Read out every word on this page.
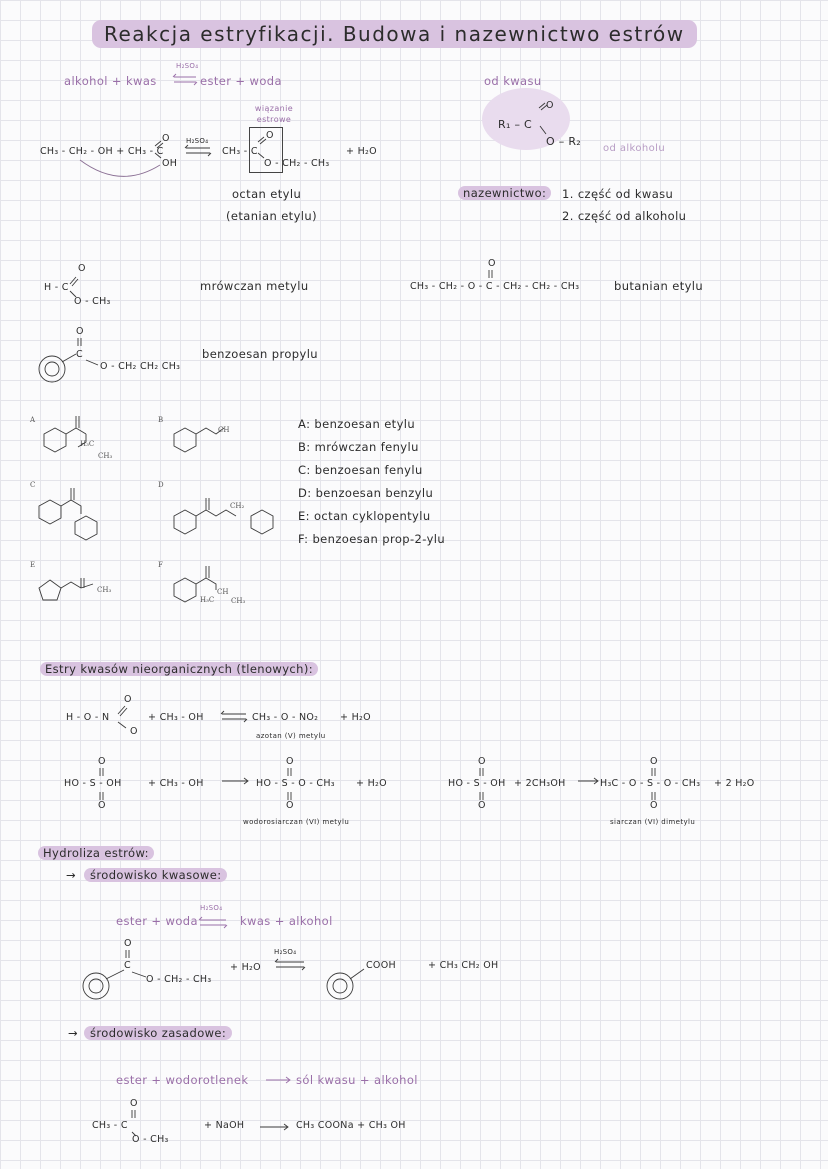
Reakcja estryfikacji. Budowa i nazewnictwo estrów
alkohol + kwas
H₂SO₄
ester + woda	od kwasu
R₁ – C
O
O – R₂
od alkoholu
wiązanie estrowe
CH₃ - CH₂ - OH + CH₃ - C
O
OH
H₂SO₄
CH₃ - C
O
O - CH₂ - CH₃
+ H₂O
octan etylu
(etanian etylu)
nazewnictwo:	1. część od kwasu
2. część od alkoholu
O
H - C
O - CH₃
mrówczan metylu
O
CH₃ - CH₂ - O - C - CH₂ - CH₂ - CH₃	butanian etylu
O
C
O - CH₂ CH₂ CH₃
benzoesan propylu
A	B
C	D
E	F
H₃C
CH₃
CH
CH₂
CH₃
H₃C
CH
CH₃
A: benzoesan etylu
B: mrówczan fenylu
C: benzoesan fenylu
D: benzoesan benzylu
E: octan cyklopentylu
F: benzoesan prop-2-ylu
Estry kwasów nieorganicznych (tlenowych):
H - O - N
O
O
+ CH₃ - OH	CH₃ - O - NO₂ + H₂O
azotan (V) metylu
O
HO - S - OH
O
+ CH₃ - OH
O
HO - S - O - CH₃
O
+ H₂O
wodorosiarczan (VI) metylu
O
HO - S - OH
O
+ 2CH₃OH
O
H₃C - O - S - O - CH₃
O
+ 2 H₂O
siarczan (VI) dimetylu
Hydroliza estrów:
→	środowisko kwasowe:
ester + woda
H₂SO₄
kwas + alkohol
O
C
O - CH₂ - CH₃
+ H₂O
H₂SO₄
COOH	+ CH₃ CH₂ OH
→	środowisko zasadowe:
ester + wodorotlenek	sól kwasu + alkohol
O
CH₃ - C
O - CH₃
+ NaOH	CH₃ COONa + CH₃ OH
